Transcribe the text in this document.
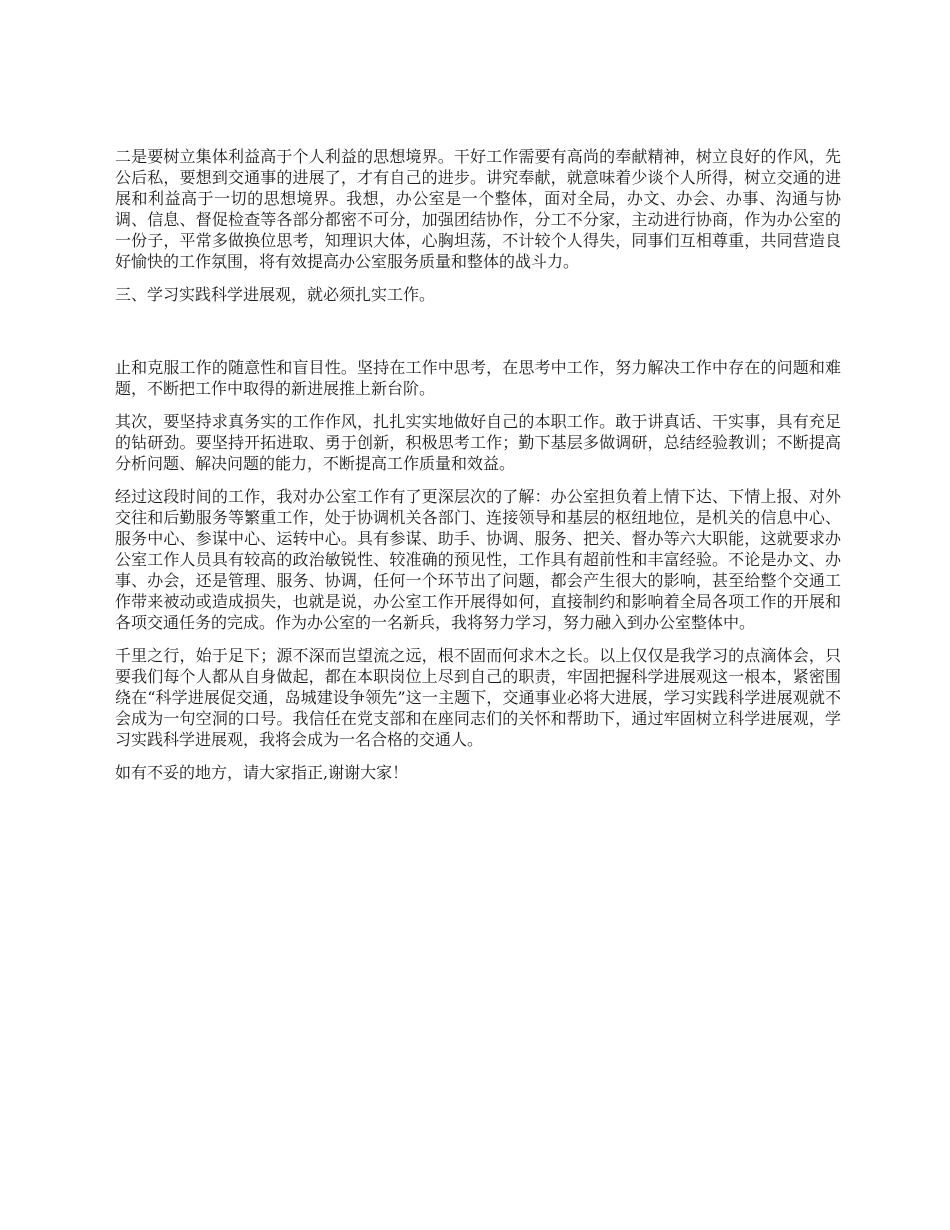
二是要树立集体利益高于个人利益的思想境界。干好工作需要有高尚的奉献精神，树立良好的作风，先公后私，要想到交通事的进展了，才有自己的进步。讲究奉献，就意味着少谈个人所得，树立交通的进展和利益高于一切的思想境界。我想，办公室是一个整体，面对全局，办文、办会、办事、沟通与协调、信息、督促检查等各部分都密不可分，加强团结协作，分工不分家，主动进行协商，作为办公室的一份子，平常多做换位思考，知理识大体，心胸坦荡，不计较个人得失，同事们互相尊重，共同营造良好愉快的工作氛围，将有效提高办公室服务质量和整体的战斗力。

三、学习实践科学进展观，就必须扎实工作。

止和克服工作的随意性和盲目性。坚持在工作中思考，在思考中工作，努力解决工作中存在的问题和难题，不断把工作中取得的新进展推上新台阶。

其次，要坚持求真务实的工作作风，扎扎实实地做好自己的本职工作。敢于讲真话、干实事，具有充足的钻研劲。要坚持开拓进取、勇于创新，积极思考工作；勤下基层多做调研，总结经验教训；不断提高分析问题、解决问题的能力，不断提高工作质量和效益。

经过这段时间的工作，我对办公室工作有了更深层次的了解：办公室担负着上情下达、下情上报、对外交往和后勤服务等繁重工作，处于协调机关各部门、连接领导和基层的枢纽地位，是机关的信息中心、服务中心、参谋中心、运转中心。具有参谋、助手、协调、服务、把关、督办等六大职能，这就要求办公室工作人员具有较高的政治敏锐性、较准确的预见性，工作具有超前性和丰富经验。不论是办文、办事、办会，还是管理、服务、协调，任何一个环节出了问题，都会产生很大的影响，甚至给整个交通工作带来被动或造成损失，也就是说，办公室工作开展得如何，直接制约和影响着全局各项工作的开展和各项交通任务的完成。作为办公室的一名新兵，我将努力学习，努力融入到办公室整体中。

千里之行，始于足下；源不深而岂望流之远，根不固而何求木之长。以上仅仅是我学习的点滴体会，只要我们每个人都从自身做起，都在本职岗位上尽到自己的职责，牢固把握科学进展观这一根本，紧密围绕在“科学进展促交通，岛城建设争领先”这一主题下，交通事业必将大进展，学习实践科学进展观就不会成为一句空洞的口号。我信任在党支部和在座同志们的关怀和帮助下，通过牢固树立科学进展观，学习实践科学进展观，我将会成为一名合格的交通人。

如有不妥的地方，请大家指正,谢谢大家！
